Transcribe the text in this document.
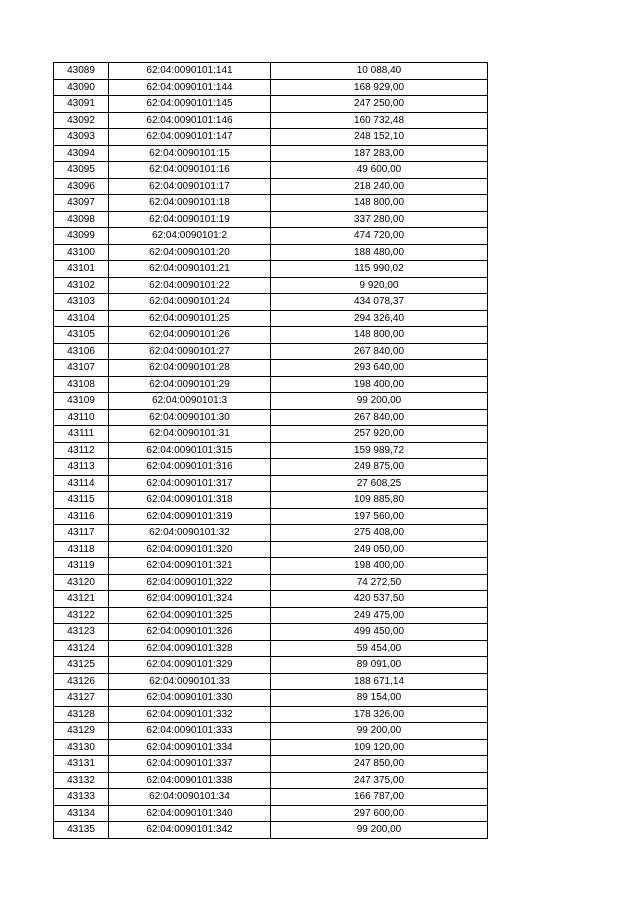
43089	62:04:0090101:141	10 088,40
43090	62:04:0090101:144	168 929,00
43091	62:04:0090101:145	247 250,00
43092	62:04:0090101:146	160 732,48
43093	62:04:0090101:147	248 152,10
43094	62:04:0090101:15	187 283,00
43095	62:04:0090101:16	49 600,00
43096	62:04:0090101:17	218 240,00
43097	62:04:0090101:18	148 800,00
43098	62:04:0090101:19	337 280,00
43099	62:04:0090101:2	474 720,00
43100	62:04:0090101:20	188 480,00
43101	62:04:0090101:21	115 990,02
43102	62:04:0090101:22	9 920,00
43103	62:04:0090101:24	434 078,37
43104	62:04:0090101:25	294 326,40
43105	62:04:0090101:26	148 800,00
43106	62:04:0090101:27	267 840,00
43107	62:04:0090101:28	293 640,00
43108	62:04:0090101:29	198 400,00
43109	62:04:0090101:3	99 200,00
43110	62:04:0090101:30	267 840,00
43111	62:04:0090101:31	257 920,00
43112	62:04:0090101:315	159 989,72
43113	62:04:0090101:316	249 875,00
43114	62:04:0090101:317	27 608,25
43115	62:04:0090101:318	109 885,80
43116	62:04:0090101:319	197 560,00
43117	62:04:0090101:32	275 408,00
43118	62:04:0090101:320	249 050,00
43119	62:04:0090101:321	198 400,00
43120	62:04:0090101:322	74 272,50
43121	62:04:0090101:324	420 537,50
43122	62:04:0090101:325	249 475,00
43123	62:04:0090101:326	499 450,00
43124	62:04:0090101:328	59 454,00
43125	62:04:0090101:329	89 091,00
43126	62:04:0090101:33	188 671,14
43127	62:04:0090101:330	89 154,00
43128	62:04:0090101:332	178 326,00
43129	62:04:0090101:333	99 200,00
43130	62:04:0090101:334	109 120,00
43131	62:04:0090101:337	247 850,00
43132	62:04:0090101:338	247 375,00
43133	62:04:0090101:34	166 787,00
43134	62:04:0090101:340	297 600,00
43135	62:04:0090101:342	99 200,00
